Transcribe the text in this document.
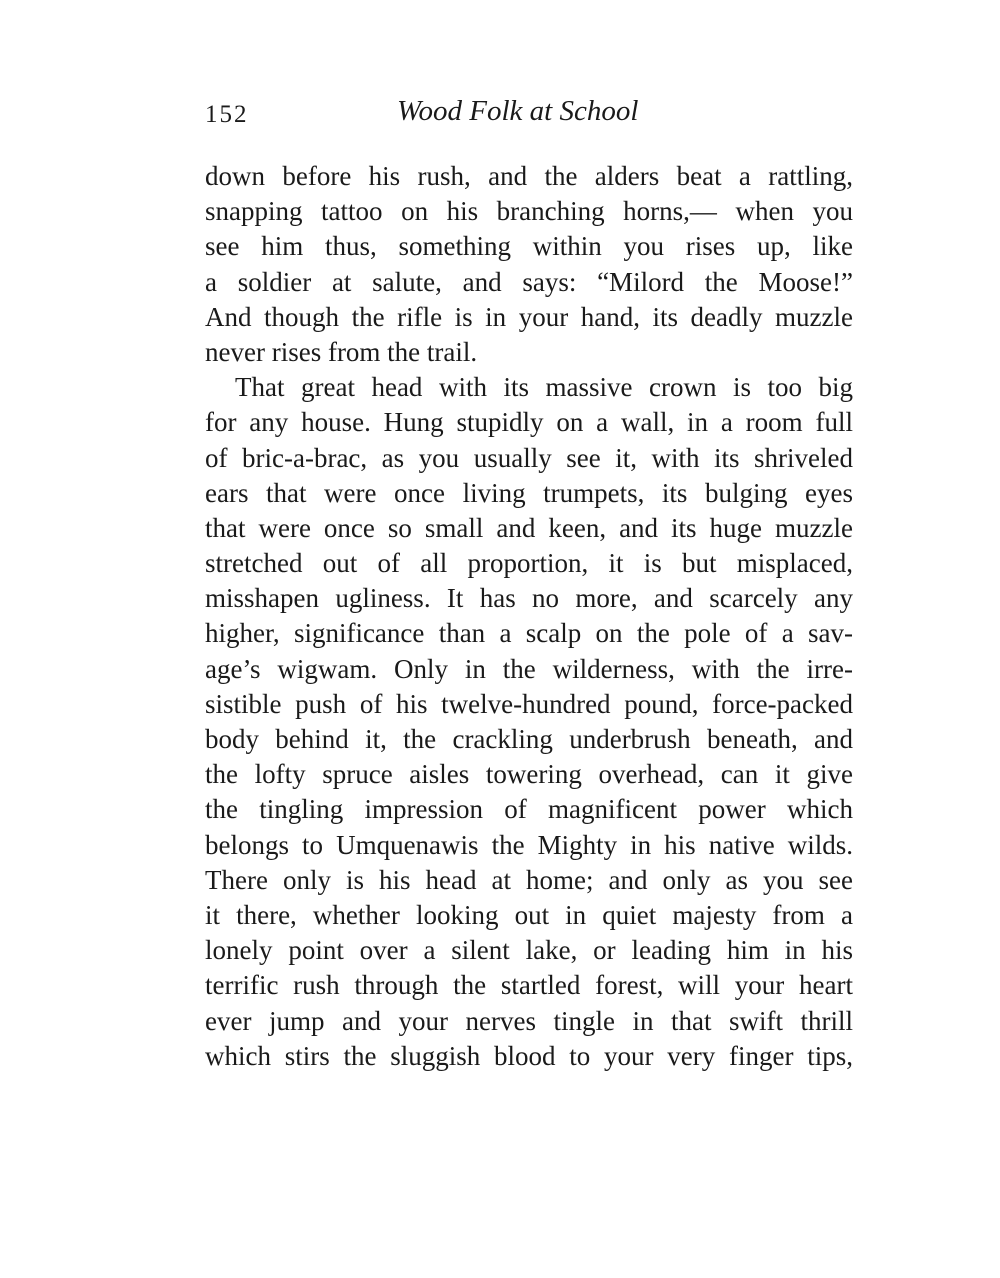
152	Wood Folk at School
down before his rush, and the alders beat a rattling,
snapping tattoo on his branching horns,— when you
see him thus, something within you rises up, like
a soldier at salute, and says: “Milord the Moose!”
And though the rifle is in your hand, its deadly muzzle
never rises from the trail.
That great head with its massive crown is too big
for any house. Hung stupidly on a wall, in a room full
of bric-a-brac, as you usually see it, with its shriveled
ears that were once living trumpets, its bulging eyes
that were once so small and keen, and its huge muzzle
stretched out of all proportion, it is but misplaced,
misshapen ugliness. It has no more, and scarcely any
higher, significance than a scalp on the pole of a sav-
age’s wigwam. Only in the wilderness, with the irre-
sistible push of his twelve-hundred pound, force-packed
body behind it, the crackling underbrush beneath, and
the lofty spruce aisles towering overhead, can it give
the tingling impression of magnificent power which
belongs to Umquenawis the Mighty in his native wilds.
There only is his head at home; and only as you see
it there, whether looking out in quiet majesty from a
lonely point over a silent lake, or leading him in his
terrific rush through the startled forest, will your heart
ever jump and your nerves tingle in that swift thrill
which stirs the sluggish blood to your very finger tips,
